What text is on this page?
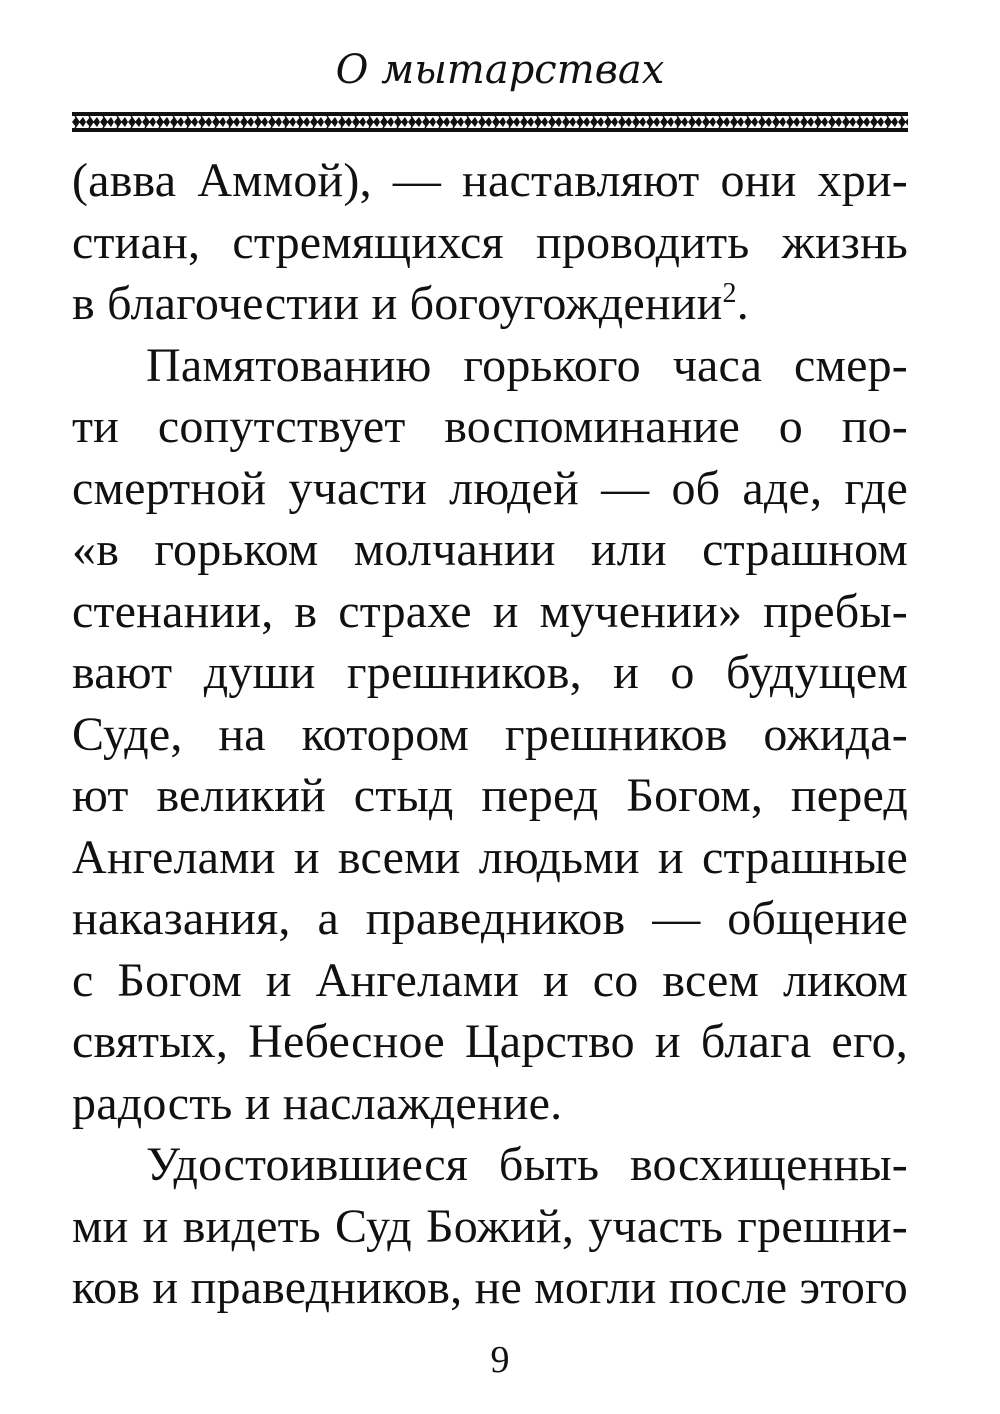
О мытарствах
(авва Аммой), — наставляют они хри-
стиан, стремящихся проводить жизнь
в благочестии и богоугождении$^2$.
Памятованию горького часа смер-
ти сопутствует воспоминание о по-
смертной участи людей — об аде, где
«в горьком молчании или страшном
стенании, в страхе и мучении» пребы-
вают души грешников, и о будущем
Суде, на котором грешников ожида-
ют великий стыд перед Богом, перед
Ангелами и всеми людьми и страшные
наказания, а праведников — общение
с Богом и Ангелами и со всем ликом
святых, Небесное Царство и блага его,
радость и наслаждение.
Удостоившиеся быть восхищенны-
ми и видеть Суд Божий, участь грешни-
ков и праведников, не могли после этого
9
